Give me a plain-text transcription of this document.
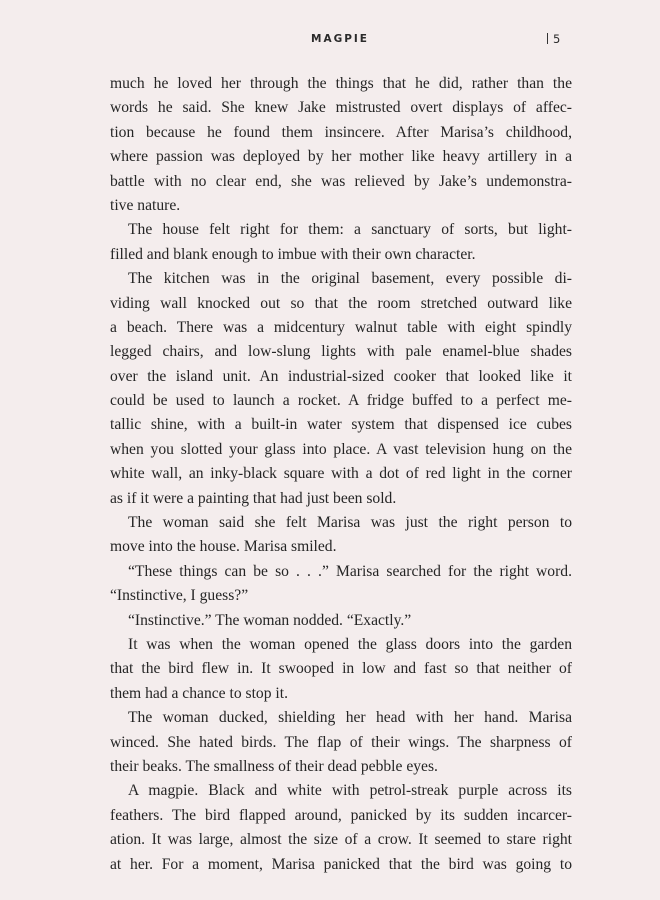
MAGPIE	5
much he loved her through the things that he did, rather than the
words he said. She knew Jake mistrusted overt displays of affec-
tion because he found them insincere. After Marisa’s childhood,
where passion was deployed by her mother like heavy artillery in a
battle with no clear end, she was relieved by Jake’s undemonstra-
tive nature.
The house felt right for them: a sanctuary of sorts, but light-
filled and blank enough to imbue with their own character.
The kitchen was in the original basement, every possible di-
viding wall knocked out so that the room stretched outward like
a beach. There was a midcentury walnut table with eight spindly
legged chairs, and low-slung lights with pale enamel-blue shades
over the island unit. An industrial-sized cooker that looked like it
could be used to launch a rocket. A fridge buffed to a perfect me-
tallic shine, with a built-in water system that dispensed ice cubes
when you slotted your glass into place. A vast television hung on the
white wall, an inky-black square with a dot of red light in the corner
as if it were a painting that had just been sold.
The woman said she felt Marisa was just the right person to
move into the house. Marisa smiled.
“These things can be so . . .” Marisa searched for the right word.
“Instinctive, I guess?”
“Instinctive.” The woman nodded. “Exactly.”
It was when the woman opened the glass doors into the garden
that the bird flew in. It swooped in low and fast so that neither of
them had a chance to stop it.
The woman ducked, shielding her head with her hand. Marisa
winced. She hated birds. The flap of their wings. The sharpness of
their beaks. The smallness of their dead pebble eyes.
A magpie. Black and white with petrol-streak purple across its
feathers. The bird flapped around, panicked by its sudden incarcer-
ation. It was large, almost the size of a crow. It seemed to stare right
at her. For a moment, Marisa panicked that the bird was going to
